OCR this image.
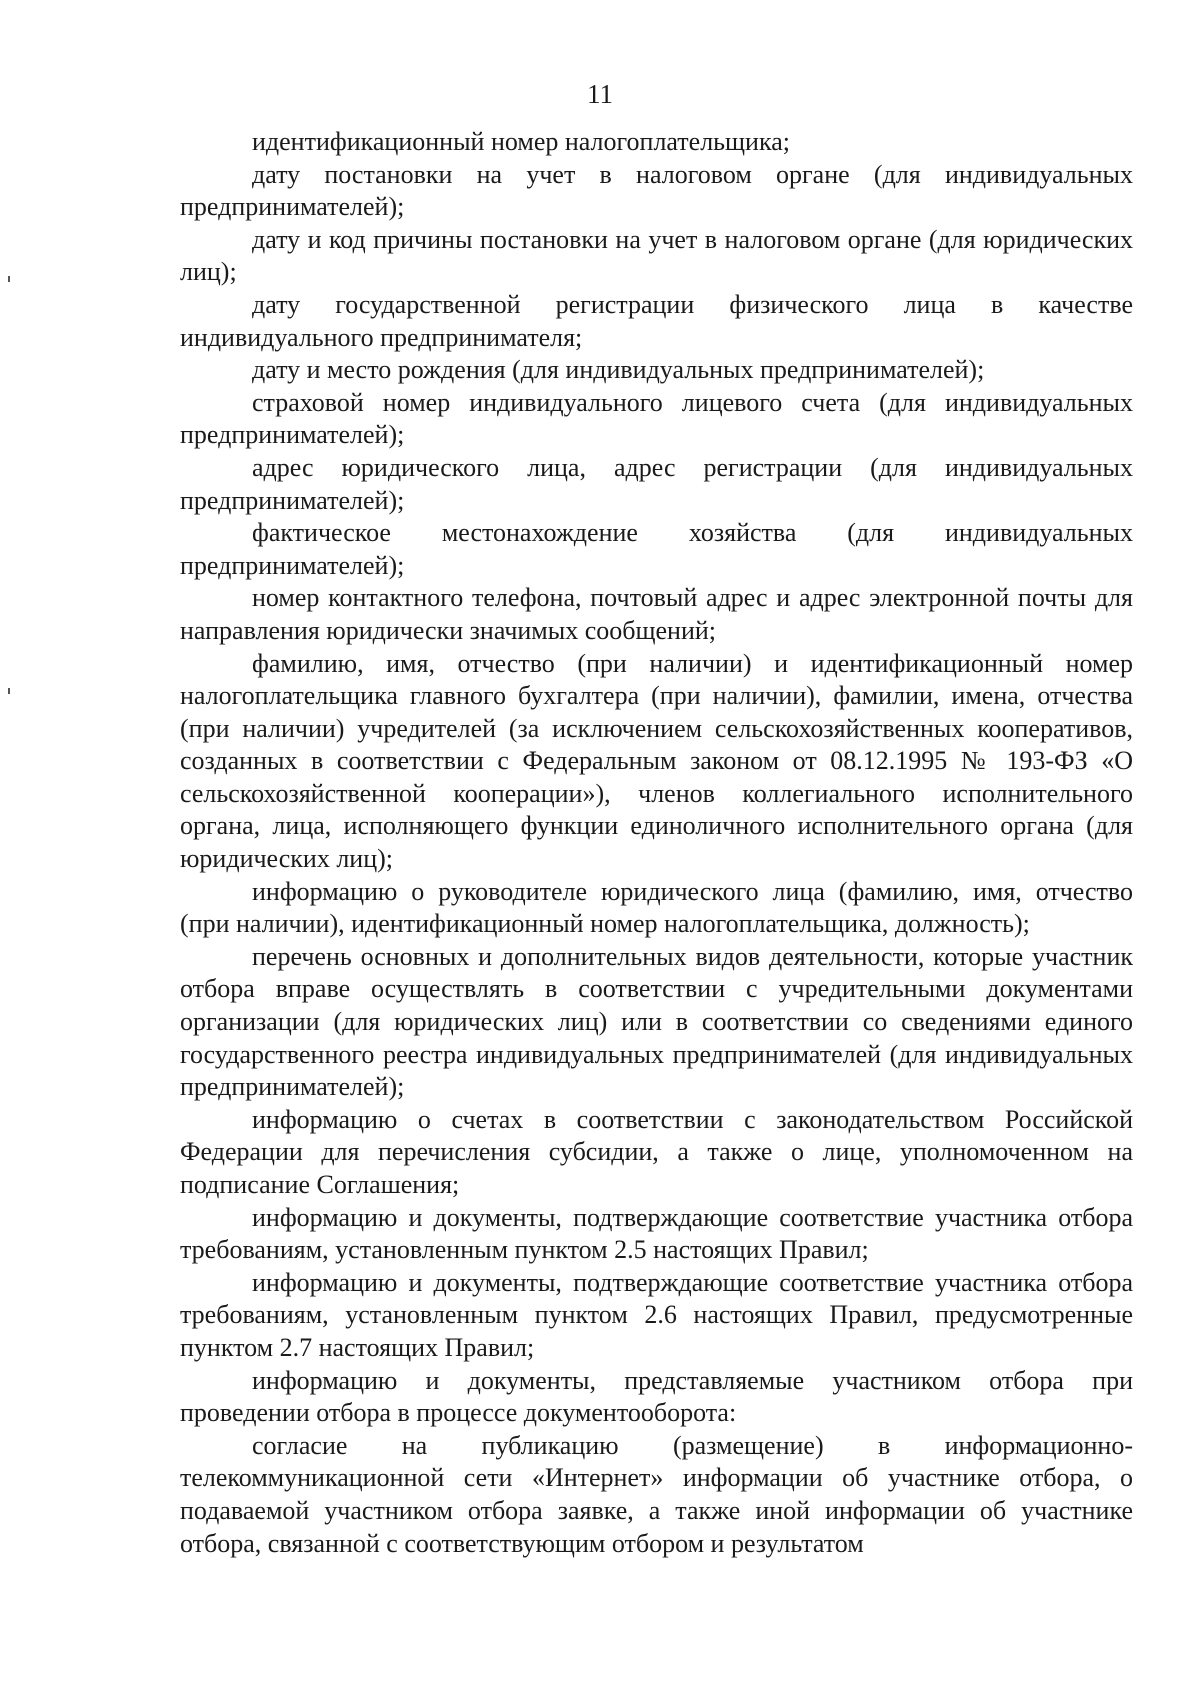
11

идентификационный номер налогоплательщика;

дату постановки на учет в налоговом органе (для индивидуальных предпринимателей);

дату и код причины постановки на учет в налоговом органе (для юридических лиц);

дату государственной регистрации физического лица в качестве индивидуального предпринимателя;

дату и место рождения (для индивидуальных предпринимателей);

страховой номер индивидуального лицевого счета (для индивидуальных предпринимателей);

адрес юридического лица, адрес регистрации (для индивидуальных предпринимателей);

фактическое местонахождение хозяйства (для индивидуальных предпринимателей);

номер контактного телефона, почтовый адрес и адрес электронной почты для направления юридически значимых сообщений;

фамилию, имя, отчество (при наличии) и идентификационный номер налогоплательщика главного бухгалтера (при наличии), фамилии, имена, отчества (при наличии) учредителей (за исключением сельскохозяйственных кооперативов, созданных в соответствии с Федеральным законом от 08.12.1995 № 193-ФЗ «О сельскохозяйственной кооперации»), членов коллегиального исполнительного органа, лица, исполняющего функции единоличного исполнительного органа (для юридических лиц);

информацию о руководителе юридического лица (фамилию, имя, отчество (при наличии), идентификационный номер налогоплательщика, должность);

перечень основных и дополнительных видов деятельности, которые участник отбора вправе осуществлять в соответствии с учредительными документами организации (для юридических лиц) или в соответствии со сведениями единого государственного реестра индивидуальных предпринимателей (для индивидуальных предпринимателей);

информацию о счетах в соответствии с законодательством Российской Федерации для перечисления субсидии, а также о лице, уполномоченном на подписание Соглашения;

информацию и документы, подтверждающие соответствие участника отбора требованиям, установленным пунктом 2.5 настоящих Правил;

информацию и документы, подтверждающие соответствие участника отбора требованиям, установленным пунктом 2.6 настоящих Правил, предусмотренные пунктом 2.7 настоящих Правил;

информацию и документы, представляемые участником отбора при проведении отбора в процессе документооборота:

согласие на публикацию (размещение) в информационно-телекоммуникационной сети «Интернет» информации об участнике отбора, о подаваемой участником отбора заявке, а также иной информации об участнике отбора, связанной с соответствующим отбором и результатом
